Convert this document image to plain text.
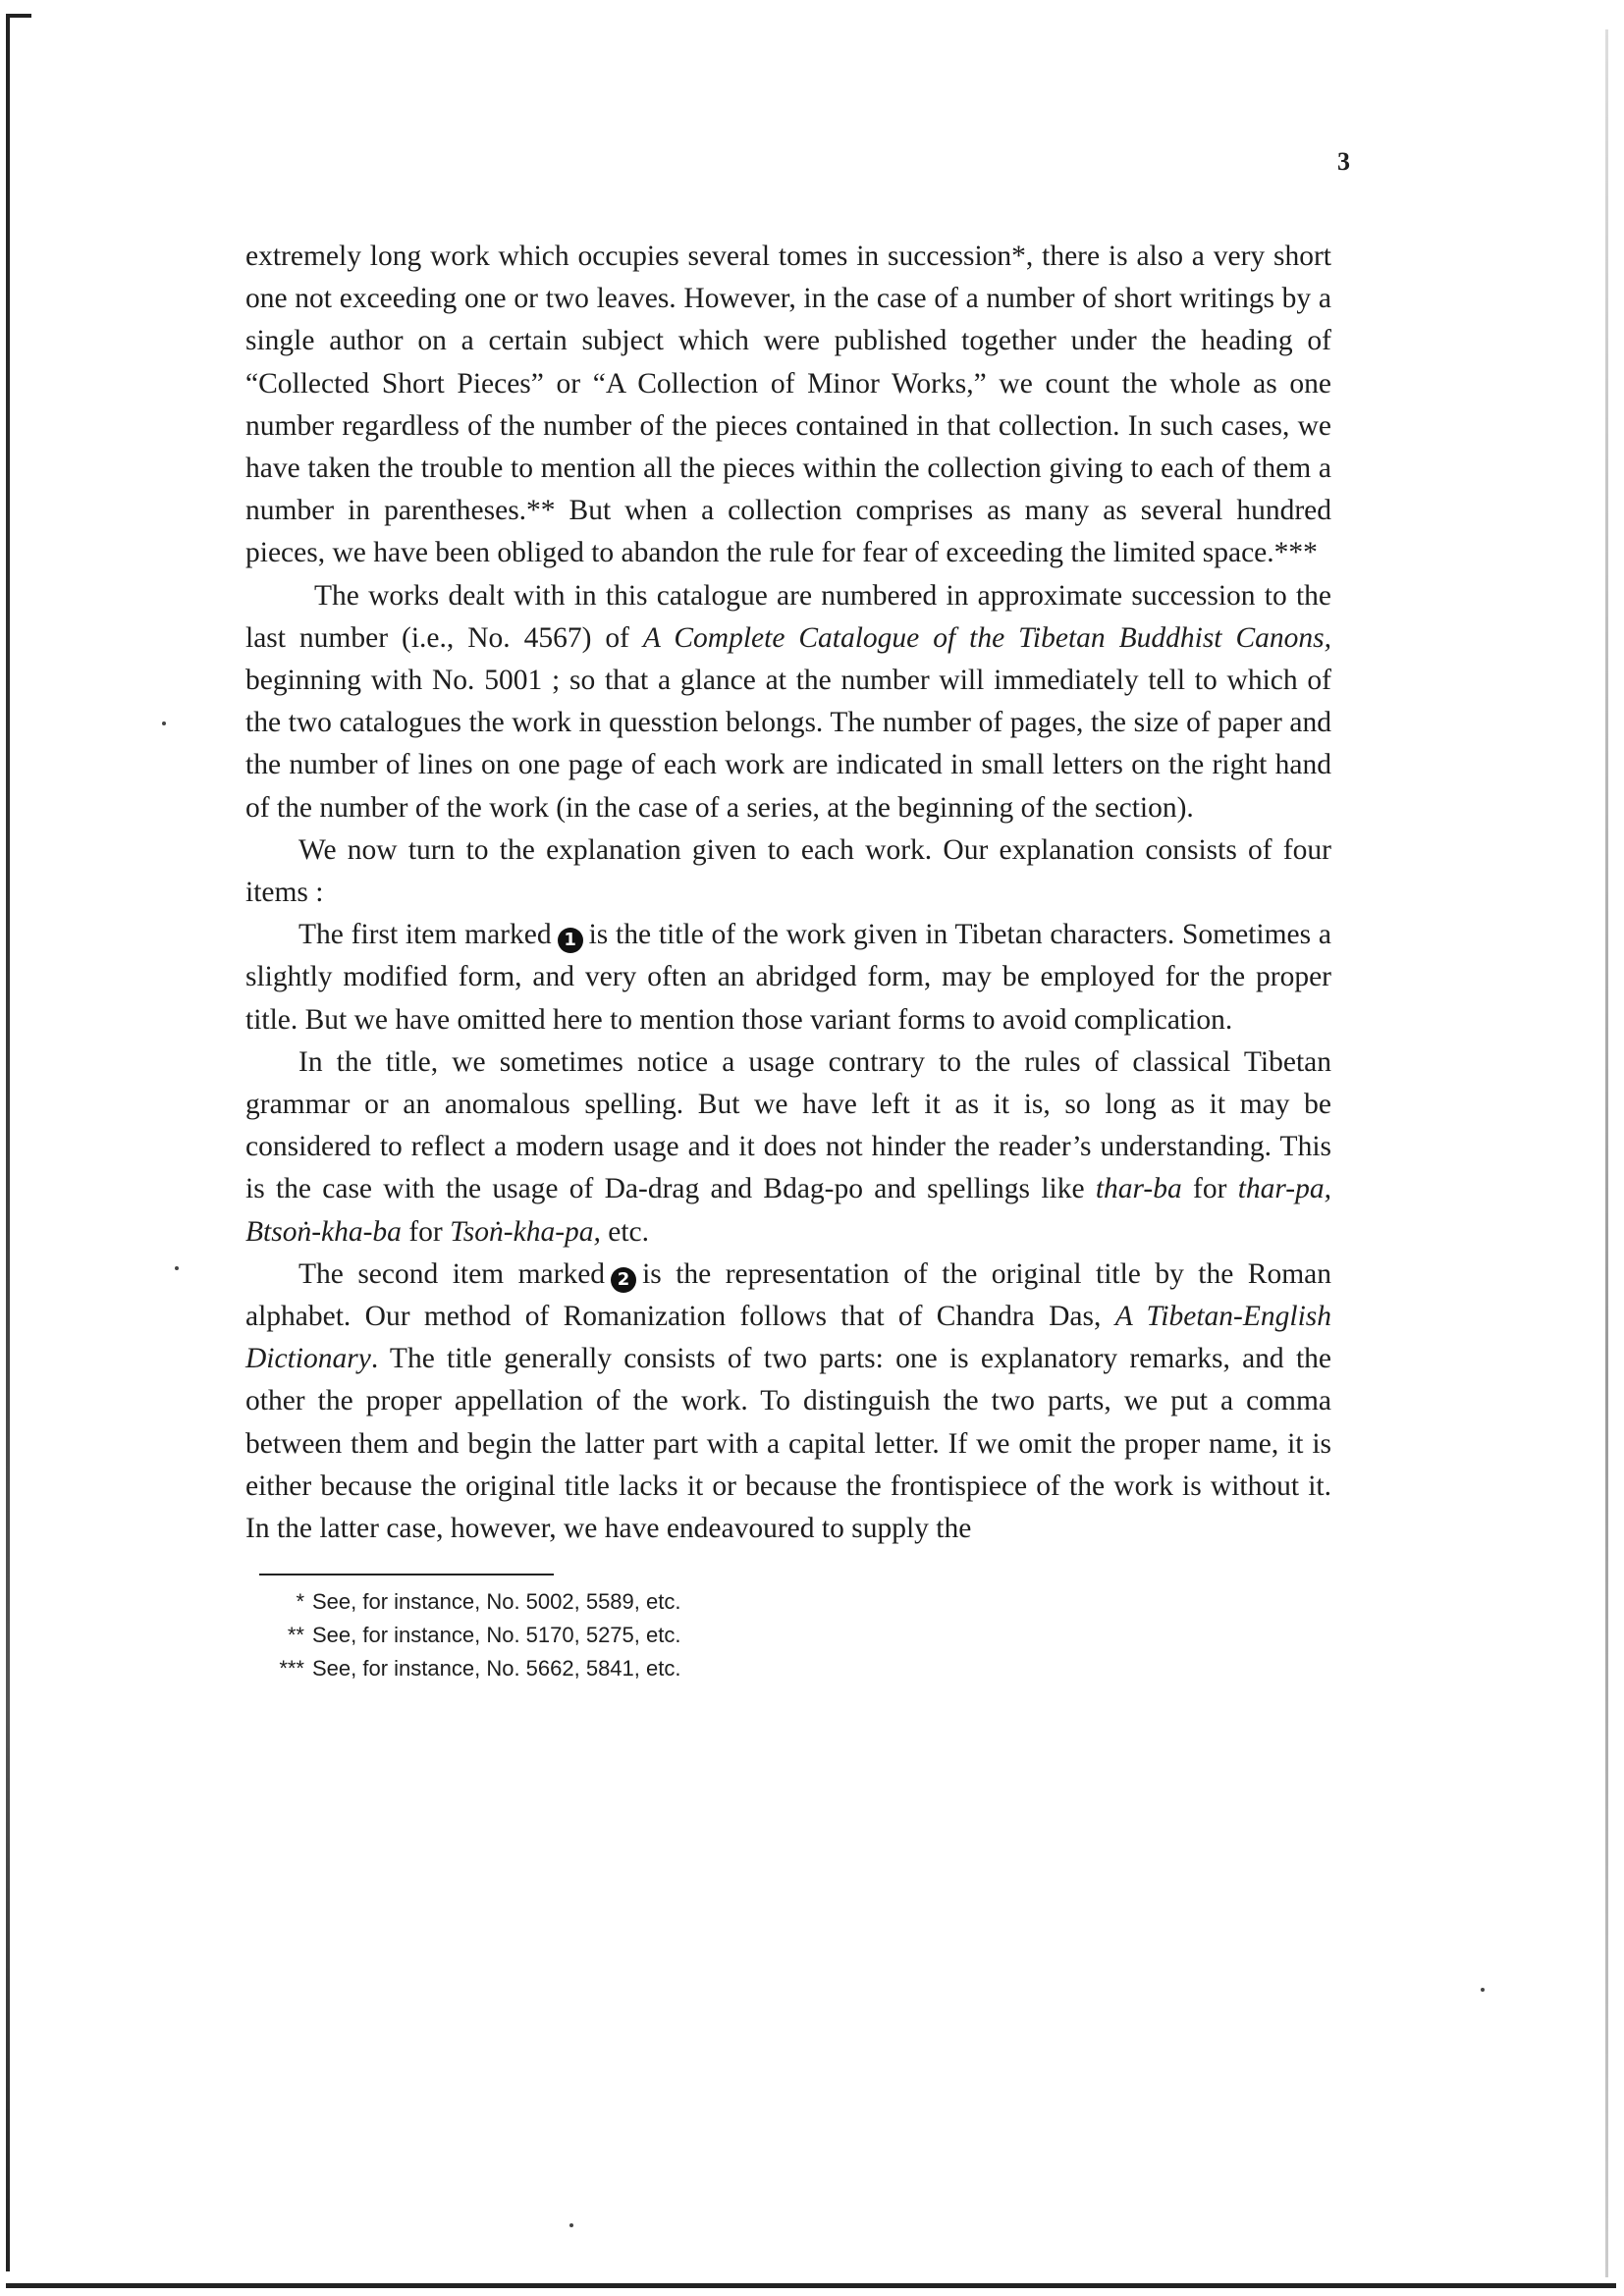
3

extremely long work which occupies several tomes in succession*, there is also a very short one not exceeding one or two leaves. However, in the case of a number of short writings by a single author on a certain subject which were published together under the heading of “Collected Short Pieces” or “A Collection of Minor Works,” we count the whole as one number regardless of the number of the pieces contained in that collection. In such cases, we have taken the trouble to mention all the pieces within the collection giving to each of them a number in parentheses.** But when a collection comprises as many as several hundred pieces, we have been obliged to abandon the rule for fear of exceeding the limited space.***

The works dealt with in this catalogue are numbered in approximate succession to the last number (i.e., No. 4567) of A Complete Catalogue of the Tibetan Buddhist Canons, beginning with No. 5001 ; so that a glance at the number will immediately tell to which of the two catalogues the work in quesstion belongs. The number of pages, the size of paper and the number of lines on one page of each work are indicated in small letters on the right hand of the number of the work (in the case of a series, at the beginning of the section).

We now turn to the explanation given to each work. Our explanation consists of four items :

The first item marked 1 is the title of the work given in Tibetan characters. Sometimes a slightly modified form, and very often an abridged form, may be employed for the proper title. But we have omitted here to mention those variant forms to avoid complication.

In the title, we sometimes notice a usage contrary to the rules of classical Tibetan grammar or an anomalous spelling. But we have left it as it is, so long as it may be considered to reflect a modern usage and it does not hinder the reader’s understanding. This is the case with the usage of Da-drag and Bdag-po and spellings like thar-ba for thar-pa, Btsoṅ-kha-ba for Tsoṅ-kha-pa, etc.

The second item marked 2 is the representation of the original title by the Roman alphabet. Our method of Romanization follows that of Chandra Das, A Tibetan-English Dictionary. The title generally consists of two parts: one is explanatory remarks, and the other the proper appellation of the work. To distinguish the two parts, we put a comma between them and begin the latter part with a capital letter. If we omit the proper name, it is either because the original title lacks it or because the frontispiece of the work is without it. In the latter case, however, we have endeavoured to supply the

* See, for instance, No. 5002, 5589, etc.
** See, for instance, No. 5170, 5275, etc.
*** See, for instance, No. 5662, 5841, etc.
